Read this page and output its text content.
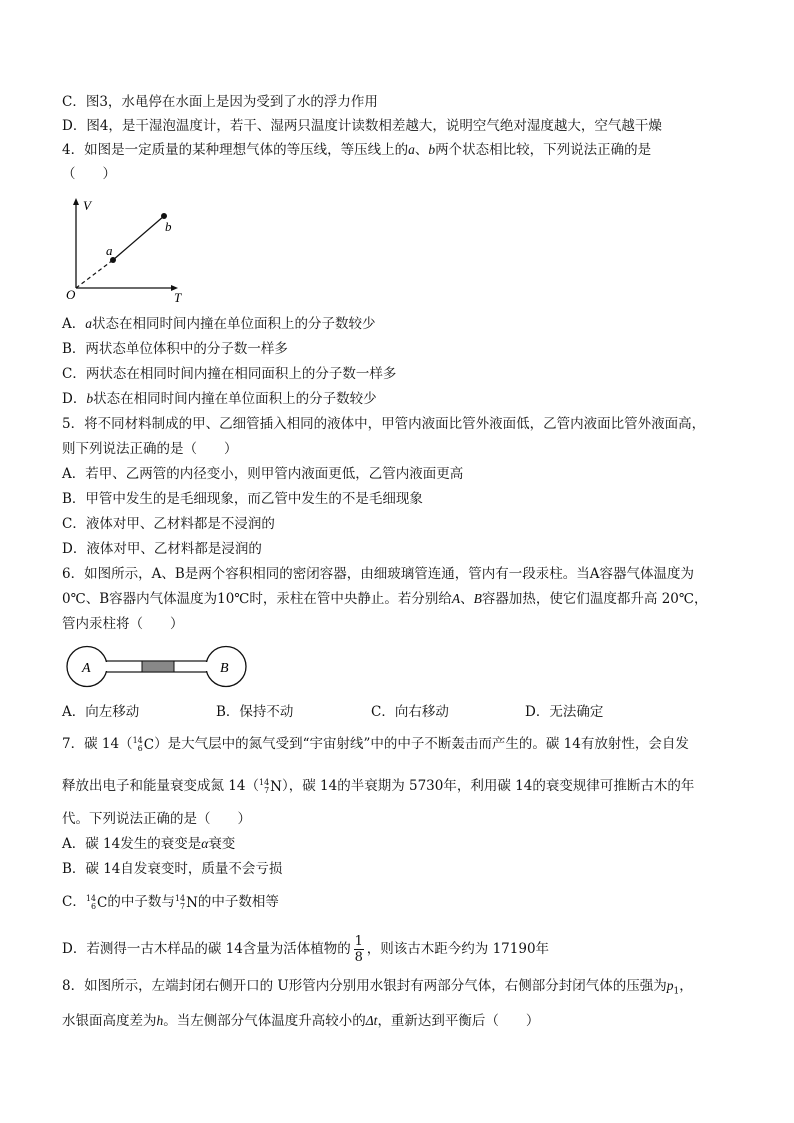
C．图3，水黾停在水面上是因为受到了水的浮力作用
D．图4，是干湿泡温度计，若干、湿两只温度计读数相差越大，说明空气绝对湿度越大，空气越干燥
4．如图是一定质量的某种理想气体的等压线，等压线上的a、b两个状态相比较，下列说法正确的是
（　　）
V
T
O
a
b
A．a状态在相同时间内撞在单位面积上的分子数较少
B．两状态单位体积中的分子数一样多
C．两状态在相同时间内撞在相同面积上的分子数一样多
D．b状态在相同时间内撞在单位面积上的分子数较少
5．将不同材料制成的甲、乙细管插入相同的液体中，甲管内液面比管外液面低，乙管内液面比管外液面高，
则下列说法正确的是（　　）
A．若甲、乙两管的内径变小，则甲管内液面更低，乙管内液面更高
B．甲管中发生的是毛细现象，而乙管中发生的不是毛细现象
C．液体对甲、乙材料都是不浸润的
D．液体对甲、乙材料都是浸润的
6．如图所示，A、B是两个容积相同的密闭容器，由细玻璃管连通，管内有一段汞柱。当A容器气体温度为
0℃、B容器内气体温度为10℃时，汞柱在管中央静止。若分别给A、B容器加热，使它们温度都升高 20℃，
管内汞柱将（　　）
A	B
A．向左移动	B．保持不动	C．向右移动	D．无法确定
7．碳 14（ 14
6 C ）是大气层中的氮气受到“宇宙射线”中的中子不断轰击而产生的。碳 14有放射性，会自发
释放出电子和能量衰变成氮 14（ 14
7 N ），碳 14的半衰期为 5730年，利用碳 14的衰变规律可推断古木的年
代。下列说法正确的是（　　）
A．碳 14发生的衰变是α衰变
B．碳 14自发衰变时，质量不会亏损
C． 14
6 C 的中子数与 14
7 N 的中子数相等
D．若测得一古木样品的碳 14含量为活体植物的 $\frac{1}{8}$ ，则该古木距今约为 17190年
8．如图所示，左端封闭右侧开口的 U形管内分别用水银封有两部分气体，右侧部分封闭气体的压强为$p_1$，
水银面高度差为h。当左侧部分气体温度升高较小的Δt，重新达到平衡后（　　）
